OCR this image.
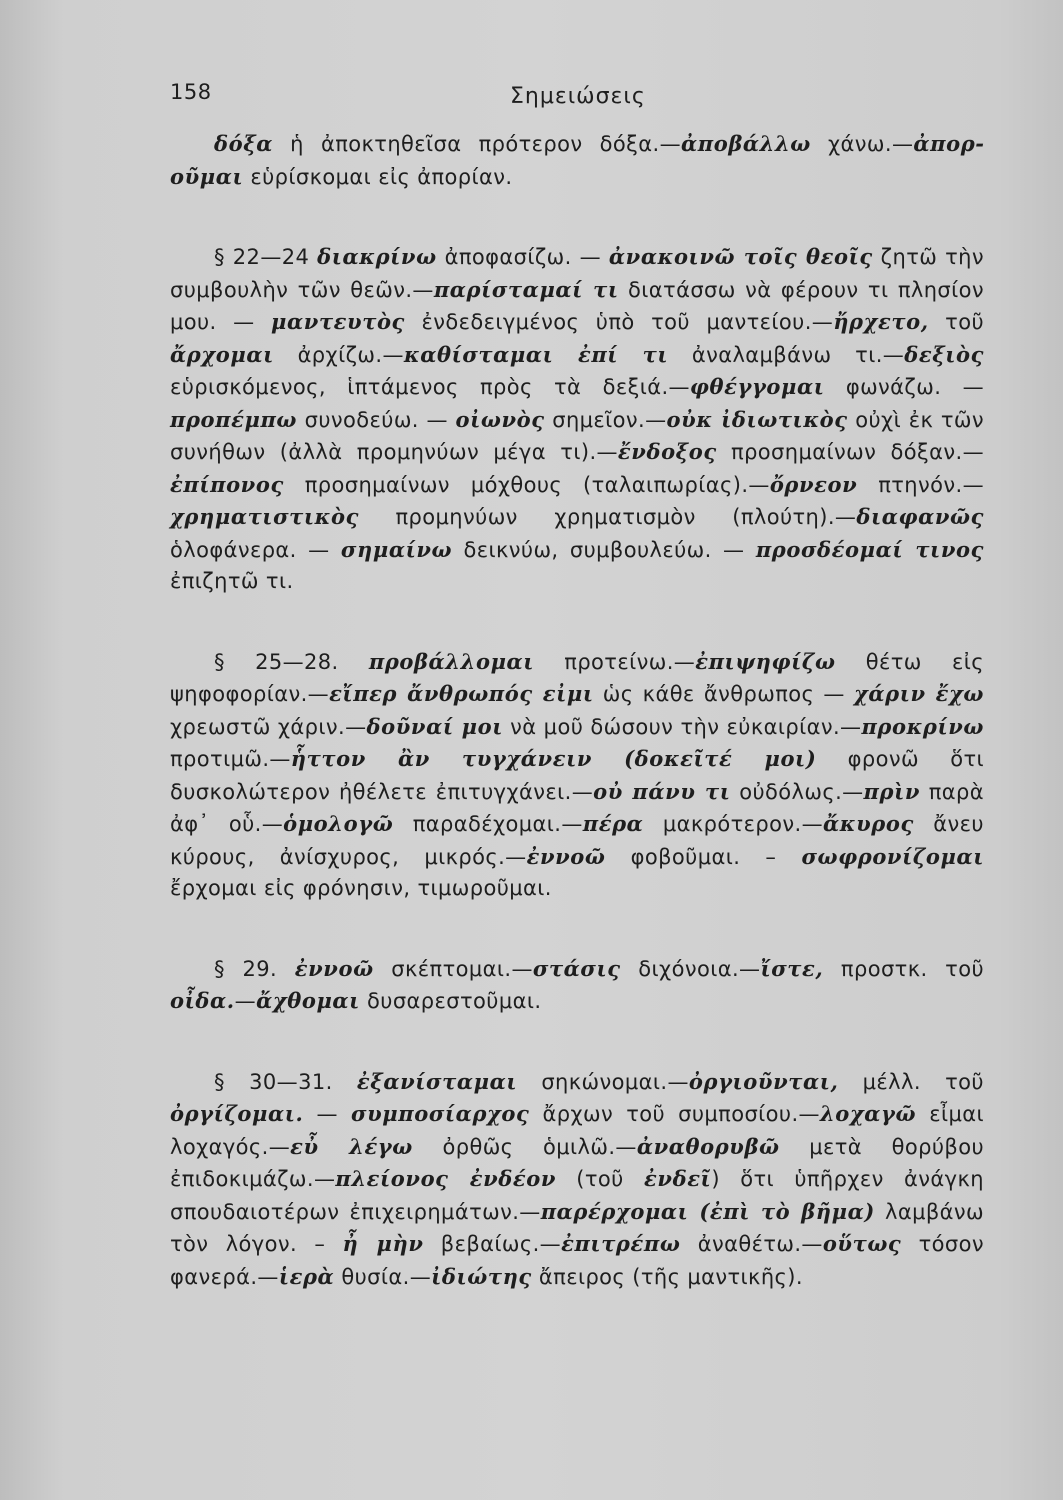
158	Σημειώσεις

δόξα ἡ ἀποκτηθεῖσα πρότερον δόξα.—ἀποβάλλω χάνω.—ἀποροῦμαι εὑρίσκομαι εἰς ἀπορίαν.

§ 22—24 διακρίνω ἀποφασίζω. — ἀνακοινῶ τοῖς θεοῖς ζητῶ τὴν συμβουλὴν τῶν θεῶν.—παρίσταμαί τι διατάσσω νὰ φέρουν τι πλησίον μου. — μαντευτὸς ἐνδεδειγμένος ὑπὸ τοῦ μαντείου.—ἤρχετο, τοῦ ἄρχομαι ἀρχίζω.—καθίσταμαι ἐπί τι ἀναλαμβάνω τι.—δεξιὸς εὑρισκόμενος, ἱπτάμενος πρὸς τὰ δεξιά.—φθέγγομαι φωνάζω. — προπέμπω συνοδεύω. — οἰωνὸς σημεῖον.—οὐκ ἰδιωτικὸς οὐχὶ ἐκ τῶν συνήθων (ἀλλὰ προμηνύων μέγα τι).—ἔνδοξος προσημαίνων δόξαν.—ἐπίπονος προσημαίνων μόχθους (ταλαιπωρίας).—ὄρνεον πτηνόν.—χρηματιστικὸς προμηνύων χρηματισμὸν (πλούτη).—διαφανῶς ὁλοφάνερα. — σημαίνω δεικνύω, συμβουλεύω. — προσδέομαί τινος ἐπιζητῶ τι.

§ 25—28. προβάλλομαι προτείνω.—ἐπιψηφίζω θέτω εἰς ψηφοφορίαν.—εἴπερ ἄνθρωπός εἰμι ὡς κάθε ἄνθρωπος — χάριν ἔχω χρεωστῶ χάριν.—δοῦναί μοι νὰ μοῦ δώσουν τὴν εὐκαιρίαν.—προκρίνω προτιμῶ.—ἧττον ἂν τυγχάνειν (δοκεῖτέ μοι) φρονῶ ὅτι δυσκολώτερον ἠθέλετε ἐπιτυγχάνει.—οὐ πάνυ τι οὐδόλως.—πρὶν παρὰ ἀφ᾽ οὗ.—ὁμολογῶ παραδέχομαι.—πέρα μακρότερον.—ἄκυρος ἄνευ κύρους, ἀνίσχυρος, μικρός.—ἐννοῶ φοβοῦμαι. – σωφρονίζομαι ἔρχομαι εἰς φρόνησιν, τιμωροῦμαι.

§ 29. ἐννοῶ σκέπτομαι.—στάσις διχόνοια.—ἴστε, προστκ. τοῦ οἶδα.—ἄχθομαι δυσαρεστοῦμαι.

§ 30—31. ἐξανίσταμαι σηκώνομαι.—ὀργιοῦνται, μέλλ. τοῦ ὀργίζομαι. — συμποσίαρχος ἄρχων τοῦ συμποσίου.—λοχαγῶ εἶμαι λοχαγός.—εὖ λέγω ὀρθῶς ὁμιλῶ.—ἀναθορυβῶ μετὰ θορύβου ἐπιδοκιμάζω.—πλείονος ἐνδέον (τοῦ ἐνδεῖ) ὅτι ὑπῆρχεν ἀνάγκη σπουδαιοτέρων ἐπιχειρημάτων.—παρέρχομαι (ἐπὶ τὸ βῆμα) λαμβάνω τὸν λόγον. – ἦ μὴν βεβαίως.—ἐπιτρέπω ἀναθέτω.—οὕτως τόσον φανερά.—ἱερὰ θυσία.—ἰδιώτης ἄπειρος (τῆς μαντικῆς).
